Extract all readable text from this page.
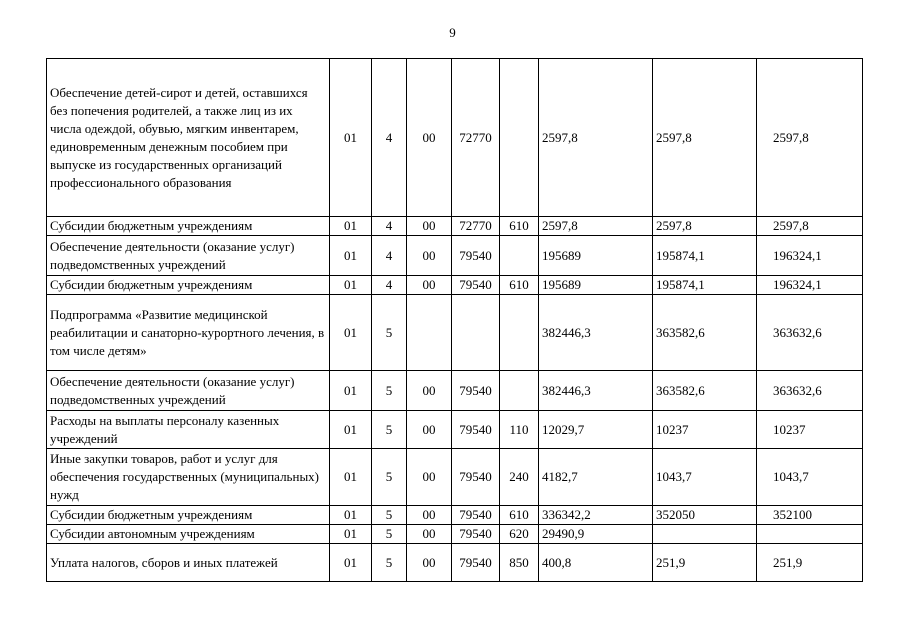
9
Обеспечение детей-сирот и детей, оставшихся без попечения родителей, а также лиц из их числа одеждой, обувью, мягким инвентарем, единовременным денежным пособием при выпуске из государственных организаций профессионального образования	01	4	00	72770		2597,8	2597,8	2597,8
Субсидии бюджетным учреждениям	01	4	00	72770	610	2597,8	2597,8	2597,8
Обеспечение деятельности (оказание услуг) подведомственных учреждений	01	4	00	79540		195689	195874,1	196324,1
Субсидии бюджетным учреждениям	01	4	00	79540	610	195689	195874,1	196324,1
Подпрограмма «Развитие медицинской реабилитации и санаторно-курортного лечения, в том числе детям»	01	5				382446,3	363582,6	363632,6
Обеспечение деятельности (оказание услуг) подведомственных учреждений	01	5	00	79540		382446,3	363582,6	363632,6
Расходы на выплаты персоналу казенных учреждений	01	5	00	79540	110	12029,7	10237	10237
Иные закупки товаров, работ и услуг для обеспечения государственных (муниципальных) нужд	01	5	00	79540	240	4182,7	1043,7	1043,7
Субсидии бюджетным учреждениям	01	5	00	79540	610	336342,2	352050	352100
Субсидии автономным учреждениям	01	5	00	79540	620	29490,9		
Уплата налогов, сборов и иных платежей	01	5	00	79540	850	400,8	251,9	251,9
